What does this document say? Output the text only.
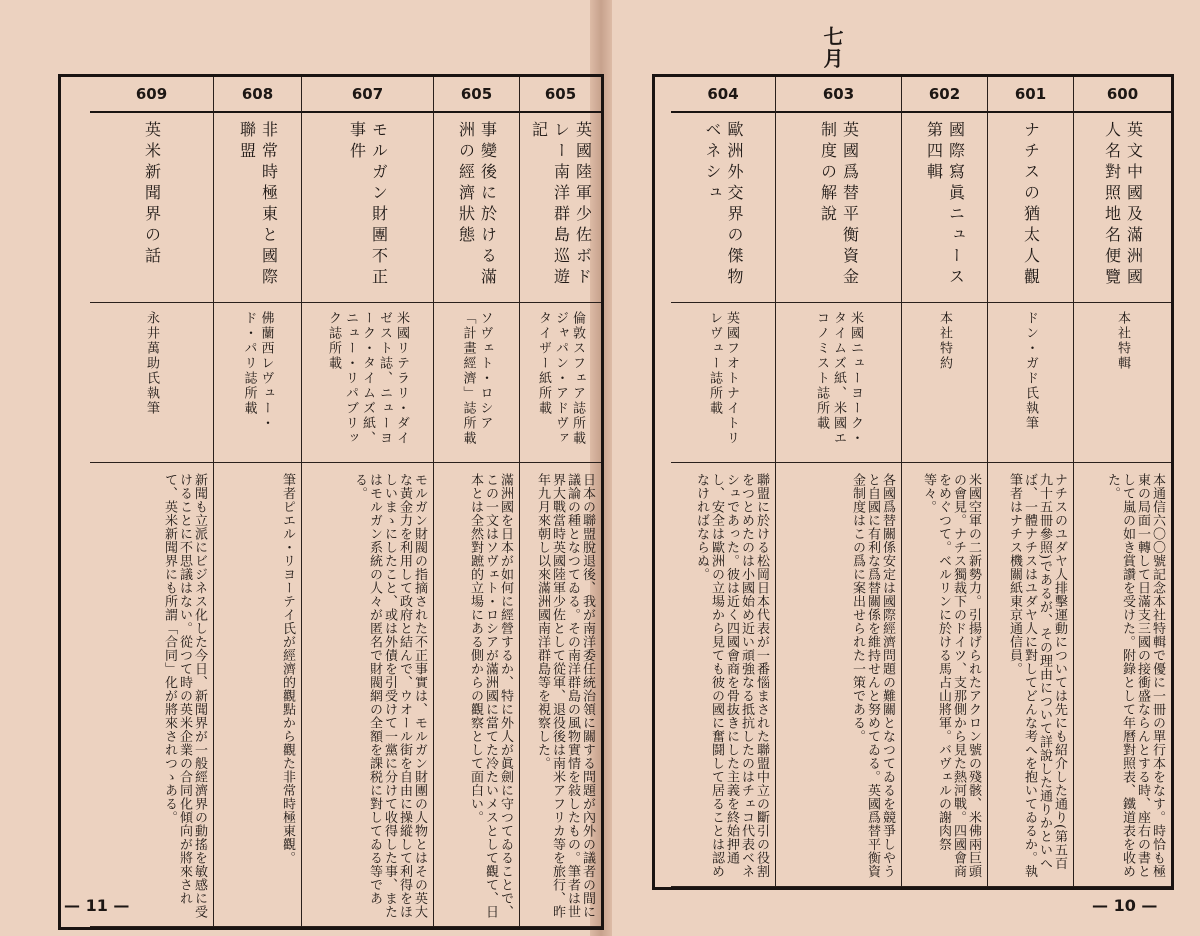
七月
605
605
607
608
609
英國陸軍少佐ボドレー南洋群島巡遊記
事變後に於ける滿洲の經濟狀態
モルガン財團不正事件
非常時極東と國際聯盟
英米新聞界の話
倫敦スフェア誌所載ジャパン・アドヴァタイザー紙所載
ソヴェト・ロシア「計畫經濟」誌所載
米國リテラリ・ダイゼスト誌、ニューヨーク・タイムズ紙、ニュー・リパブリック誌所載
佛蘭西レヴュー・ド・パリ誌所載
永井萬助氏執筆
日本の聯盟脫退後、我が南洋委任統治領に關する問題が內外の議者の間に議論の種となつてゐる。その南洋群島の風物實情を敍したもの。筆者は世界大戰當時英國陸軍少佐として從軍、退役後は南米アフリカ等を旅行、昨年九月來朝し以來滿洲國南洋群島等を視察した。
滿洲國を日本が如何に經營するか、特に外人が眞劍に守つてゐることで、この一文はソヴェト・ロシアが滿洲國に當てた冷たいメスとして觀て、日本とは全然對蹠的立場にある側からの觀察として面白い。
モルガン財閥の指摘された不正事實は、モルガン財團の人物とはその英大な黃金力を利用して政府と結んで、ウオール街を自由に操縱して利得をほしいまゝにしたこと、或は外債を引受けて一黨に分けて收得した事、またはモルガン系統の人々が匿名で財閥網の全額を課税に對してゐる等である。
筆者ピエル・リヨーテイ氏が經濟的觀點から觀た非常時極東觀。
新聞も立派にビジネス化した今日、新聞界が一般經濟界の動搖を敏感に受けることに不思議はない。從つて時の英米企業の合同化傾向が將來されて、英米新聞界にも所謂「合同」化が將來されつゝある。
600
601
602
603
604
英文中國及滿洲國人名對照地名便覽
ナチスの猶太人觀
國際寫眞ニュース第四輯
英國爲替平衡資金制度の解說
歐洲外交界の傑物ベネシュ
本社特輯
ドン・ガド氏執筆
本社特約
米國ニューヨーク・タイムズ紙、米國エコノミスト誌所載
英國フオトナイトリレヴュー誌所載
本通信六〇〇號記念本社特輯で優に一冊の單行本をなす。時恰も極東の局面一轉して日滿支三國の接衝盛ならんとする時、座右の書として嵐の如き賞讚を受けた。附錄として年曆對照表、鐵道表を收めた。
ナチスのユダヤ人排擊運動については先にも紹介した通り(第五百九十五冊參照)であるが、その理由について詳說した通りかといへば、一體ナチスはユダヤ人に對してどんな考へを抱いてゐるか。執筆者はナチス機關紙東京通信員。
米國空軍の二新勢力。引揚げられたアクロン號の殘骸、米佛兩巨頭の會見。ナチス獨裁下のドイツ、支那側から見た熱河戰。四國會商をめぐつて。ベルリンに於ける馬占山將軍。バヴェルの謝肉祭等々。
各國爲替關係安定は國際經濟問題の難關となつてゐるを競爭しやうと自國に有利な爲替關係を維持せんと努めてゐる。英國爲替平衡資金制度はこの爲に案出せられた一策である。
聯盟に於ける松岡日本代表が一番惱まされた聯盟中立の斷引の役割をつとめたのは小國始め近い頑強なる抵抗したのはチェコ代表ベネシュであった。彼は近く四國會商を骨抜きにした主義を終始押通し、安全は歐洲の立場から見ても彼の國に奮鬪して居ることは認めなければならぬ。
— 11 —	— 10 —
